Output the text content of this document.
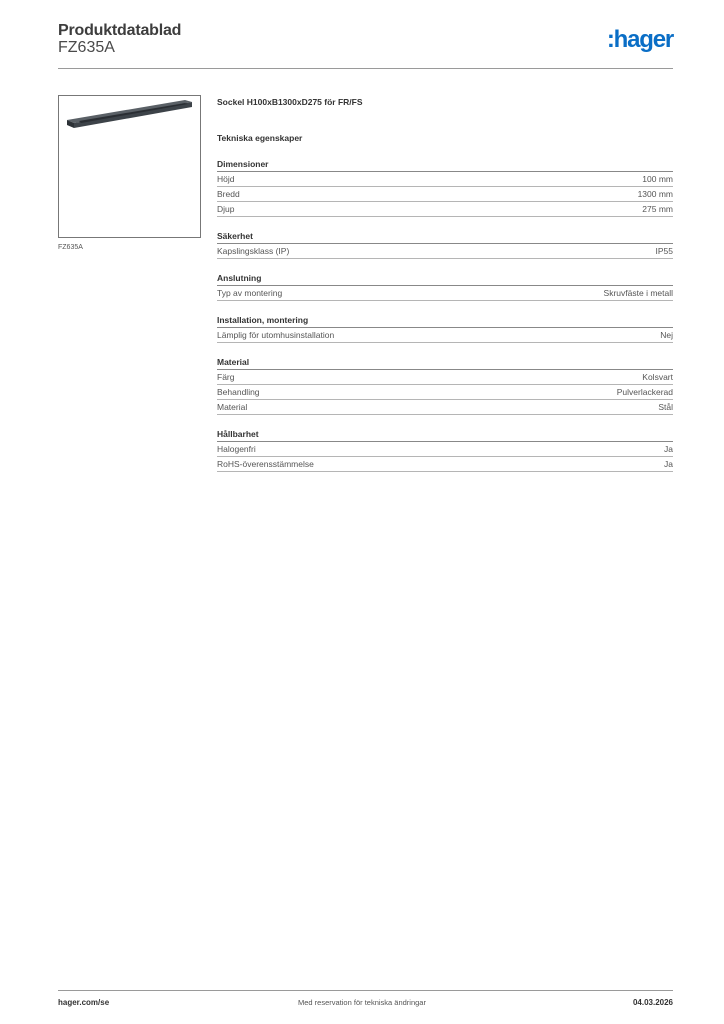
Produktdatablad
FZ635A	:hager
FZ635A
Sockel H100xB1300xD275 för FR/FS
Tekniska egenskaper
Dimensioner
Höjd	100 mm
Bredd	1300 mm
Djup	275 mm
Säkerhet
Kapslingsklass (IP)	IP55
Anslutning
Typ av montering	Skruvfäste i metall
Installation, montering
Lämplig för utomhusinstallation	Nej
Material
Färg	Kolsvart
Behandling	Pulverlackerad
Material	Stål
Hållbarhet
Halogenfri	Ja
RoHS-överensstämmelse	Ja
hager.com/se	Med reservation för tekniska ändringar	04.03.2026
